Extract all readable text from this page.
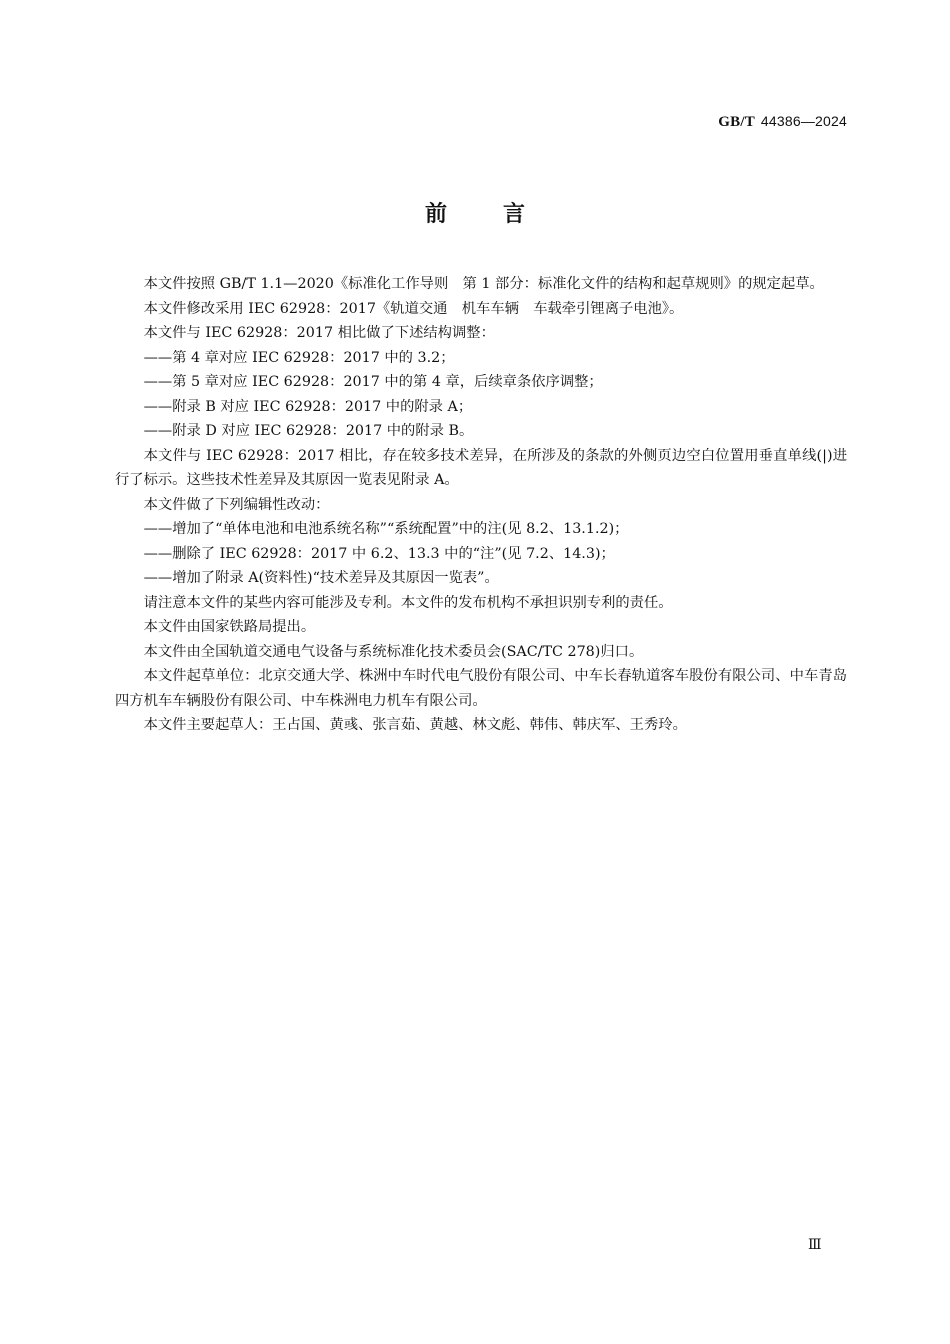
GB/T 44386—2024
前言

本文件按照 GB/T 1.1—2020《标准化工作导则　第 1 部分：标准化文件的结构和起草规则》的规定起草。

本文件修改采用 IEC 62928：2017《轨道交通　机车车辆　车载牵引锂离子电池》。

本文件与 IEC 62928：2017 相比做了下述结构调整：

——第 4 章对应 IEC 62928：2017 中的 3.2；

——第 5 章对应 IEC 62928：2017 中的第 4 章，后续章条依序调整；

——附录 B 对应 IEC 62928：2017 中的附录 A；

——附录 D 对应 IEC 62928：2017 中的附录 B。

本文件与 IEC 62928：2017 相比，存在较多技术差异，在所涉及的条款的外侧页边空白位置用垂直单线(|)进行了标示。这些技术性差异及其原因一览表见附录 A。

本文件做了下列编辑性改动：

——增加了“单体电池和电池系统名称”“系统配置”中的注(见 8.2、13.1.2)；

——删除了 IEC 62928：2017 中 6.2、13.3 中的“注”(见 7.2、14.3)；

——增加了附录 A(资料性)“技术差异及其原因一览表”。

请注意本文件的某些内容可能涉及专利。本文件的发布机构不承担识别专利的责任。

本文件由国家铁路局提出。

本文件由全国轨道交通电气设备与系统标准化技术委员会(SAC/TC 278)归口。

本文件起草单位：北京交通大学、株洲中车时代电气股份有限公司、中车长春轨道客车股份有限公司、中车青岛四方机车车辆股份有限公司、中车株洲电力机车有限公司。

本文件主要起草人：王占国、黄彧、张言茹、黄越、林文彪、韩伟、韩庆军、王秀玲。

Ⅲ
